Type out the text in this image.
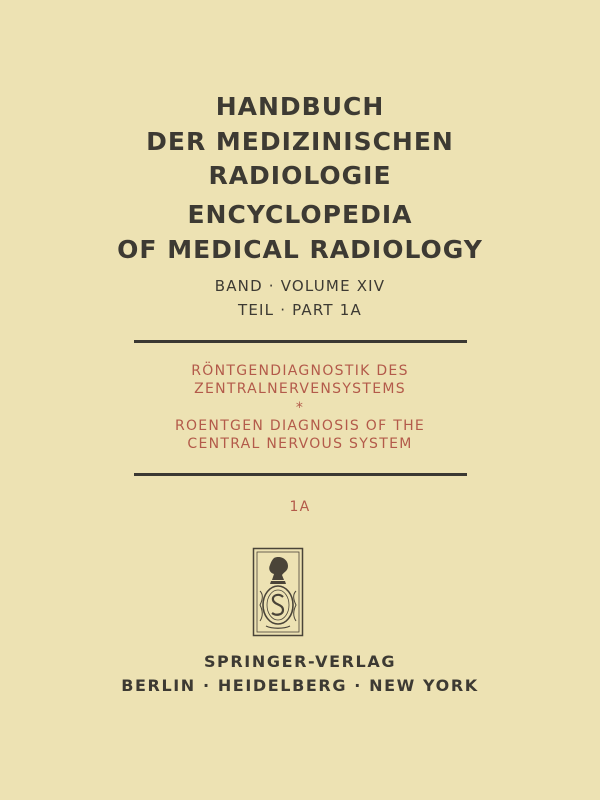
HANDBUCH
DER MEDIZINISCHEN
RADIOLOGIE
ENCYCLOPEDIA
OF MEDICAL RADIOLOGY
BAND · VOLUME XIV
TEIL · PART 1A
RÖNTGENDIAGNOSTIK DES
ZENTRALNERVENSYSTEMS
*
ROENTGEN DIAGNOSIS OF THE
CENTRAL NERVOUS SYSTEM
1A
SPRINGER-VERLAG
BERLIN · HEIDELBERG · NEW YORK
